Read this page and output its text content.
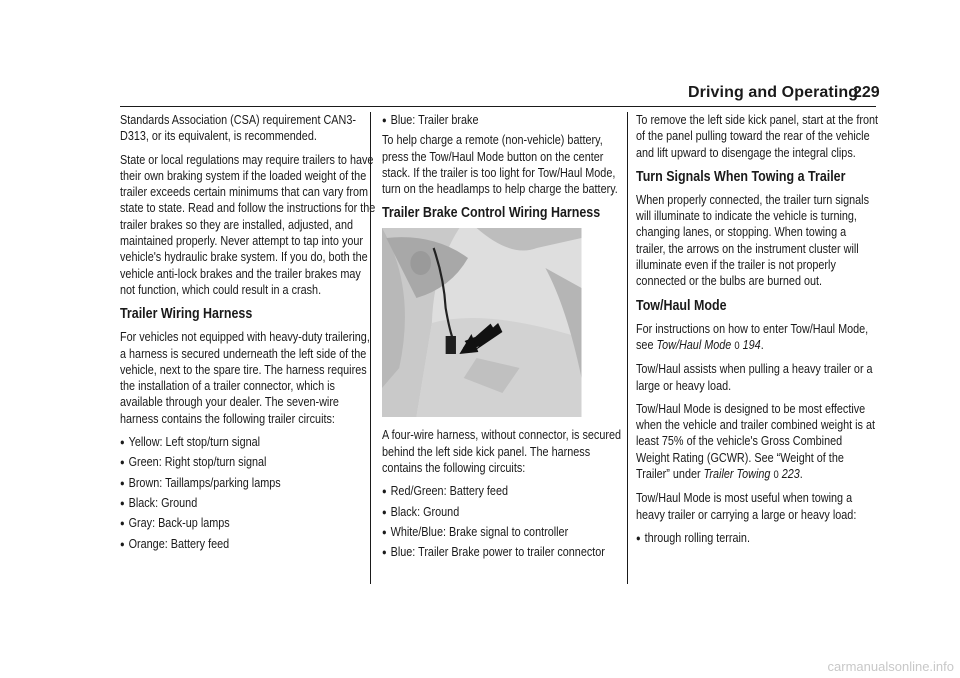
Driving and Operating
229

Standards Association (CSA) requirement CAN3-D313, or its equivalent, is recommended.

State or local regulations may require trailers to have their own braking system if the loaded weight of the trailer exceeds certain minimums that can vary from state to state. Read and follow the instructions for the trailer brakes so they are installed, adjusted, and maintained properly. Never attempt to tap into your vehicle's hydraulic brake system. If you do, both the vehicle anti-lock brakes and the trailer brakes may not function, which could result in a crash.

Trailer Wiring Harness

For vehicles not equipped with heavy-duty trailering, a harness is secured underneath the left side of the vehicle, next to the spare tire. The harness requires the installation of a trailer connector, which is available through your dealer. The seven-wire harness contains the following trailer circuits:

● Yellow: Left stop/turn signal
● Green: Right stop/turn signal
● Brown: Taillamps/parking lamps
● Black: Ground
● Gray: Back-up lamps
● Orange: Battery feed
● Blue: Trailer brake

To help charge a remote (non-vehicle) battery, press the Tow/Haul Mode button on the center stack. If the trailer is too light for Tow/Haul Mode, turn on the headlamps to help charge the battery.

Trailer Brake Control Wiring Harness

A four-wire harness, without connector, is secured behind the left side kick panel. The harness contains the following circuits:

● Red/Green: Battery feed
● Black: Ground
● White/Blue: Brake signal to controller
● Blue: Trailer Brake power to trailer connector

To remove the left side kick panel, start at the front of the panel pulling toward the rear of the vehicle and lift upward to disengage the integral clips.

Turn Signals When Towing a Trailer

When properly connected, the trailer turn signals will illuminate to indicate the vehicle is turning, changing lanes, or stopping. When towing a trailer, the arrows on the instrument cluster will illuminate even if the trailer is not properly connected or the bulbs are burned out.

Tow/Haul Mode

For instructions on how to enter Tow/Haul Mode, see Tow/Haul Mode 0 194.

Tow/Haul assists when pulling a heavy trailer or a large or heavy load.

Tow/Haul Mode is designed to be most effective when the vehicle and trailer combined weight is at least 75% of the vehicle's Gross Combined Weight Rating (GCWR). See “Weight of the Trailer” under Trailer Towing 0 223.

Tow/Haul Mode is most useful when towing a heavy trailer or carrying a large or heavy load:

● through rolling terrain.
carmanualsonline.info
